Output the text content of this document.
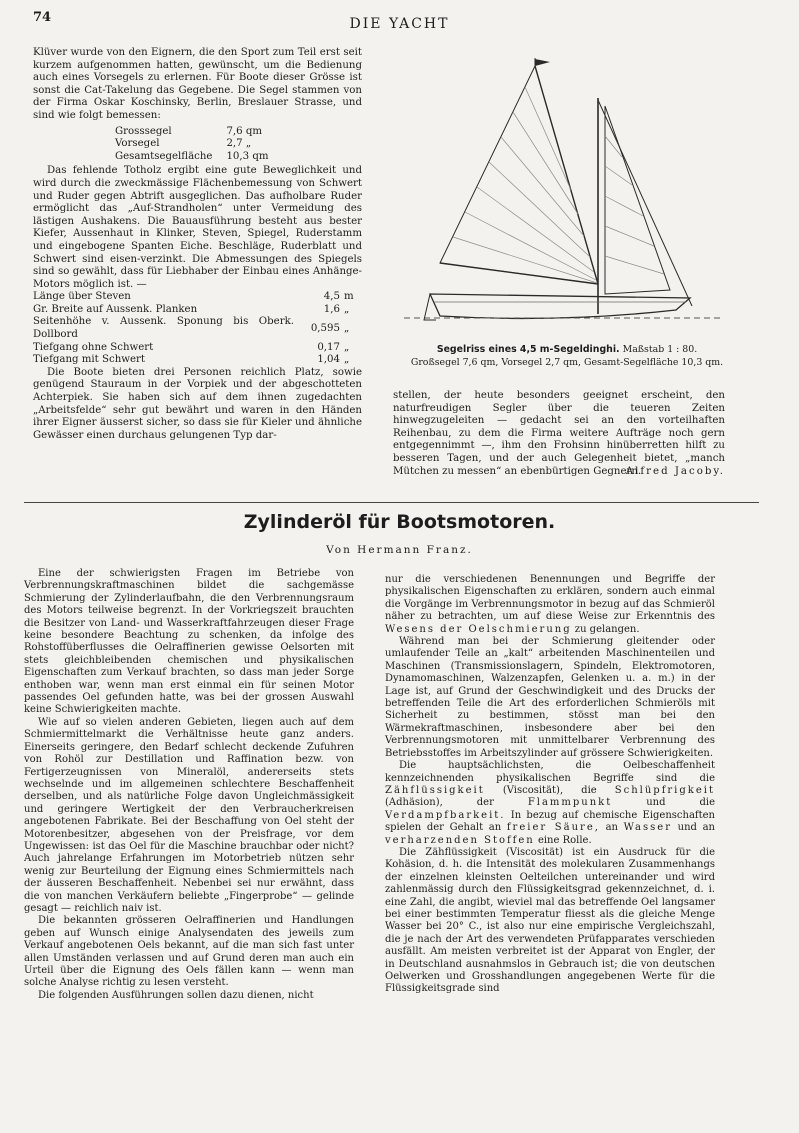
74	DIE YACHT

Klüver wurde von den Eignern, die den Sport zum Teil erst seit kurzem aufgenommen hatten, gewünscht, um die Bedienung auch eines Vorsegels zu erlernen. Für Boote dieser Grösse ist sonst die Cat-Takelung das Gegebene. Die Segel stammen von der Firma Oskar Koschinsky, Berlin, Breslauer Strasse, und sind wie folgt bemessen:

Grosssegel	7,6 qm
Vorsegel	2,7 „
Gesamtsegelfläche	10,3 qm

Das fehlende Totholz ergibt eine gute Beweglichkeit und wird durch die zweckmässige Flächenbemessung von Schwert und Ruder gegen Abtrift ausgeglichen. Das aufholbare Ruder ermöglicht das „Auf-Strandholen“ unter Vermeidung des lästigen Aushakens. Die Bauausführung besteht aus bester Kiefer, Aussenhaut in Klinker, Steven, Spiegel, Ruderstamm und eingebogene Spanten Eiche. Beschläge, Ruderblatt und Schwert sind eisen-verzinkt. Die Abmessungen des Spiegels sind so gewählt, dass für Liebhaber der Einbau eines Anhänge-Motors möglich ist. —

Länge über Steven	4,5	m
Gr. Breite auf Aussenk. Planken	1,6	„
Seitenhöhe v. Aussenk. Sponung bis Oberk. Dollbord	0,595	„
Tiefgang ohne Schwert	0,17	„
Tiefgang mit Schwert	1,04	„

Die Boote bieten drei Personen reichlich Platz, sowie genügend Stauraum in der Vorpiek und der abgeschotteten Achterpiek. Sie haben sich auf dem ihnen zugedachten „Arbeitsfelde“ sehr gut bewährt und waren in den Händen ihrer Eigner äusserst sicher, so dass sie für Kieler und ähnliche Gewässer einen durchaus gelungenen Typ dar-

Segelriss eines 4,5 m-Segeldinghi. Maßstab 1 : 80.
Großsegel 7,6 qm, Vorsegel 2,7 qm, Gesamt-Segelfläche 10,3 qm.

stellen, der heute besonders geeignet erscheint, den naturfreudigen Segler über die teueren Zeiten hinwegzugeleiten — gedacht sei an den vorteilhaften Reihenbau, zu dem die Firma weitere Aufträge noch gern entgegennimmt —, ihm den Frohsinn hinüberretten hilft zu besseren Tagen, und der auch Gelegenheit bietet, „manch Mütchen zu messen“ an ebenbürtigen Gegnern.

Alfred Jacoby.
Zylinderöl für Bootsmotoren.
Von Hermann Franz.

Eine der schwierigsten Fragen im Betriebe von Verbrennungskraftmaschinen bildet die sachgemässe Schmierung der Zylinderlaufbahn, die den Verbrennungsraum des Motors teilweise begrenzt. In der Vorkriegszeit brauchten die Besitzer von Land- und Wasserkraftfahrzeugen dieser Frage keine besondere Beachtung zu schenken, da infolge des Rohstoffüberflusses die Oelraffinerien gewisse Oelsorten mit stets gleichbleibenden chemischen und physikalischen Eigenschaften zum Verkauf brachten, so dass man jeder Sorge enthoben war, wenn man erst einmal ein für seinen Motor passendes Oel gefunden hatte, was bei der grossen Auswahl keine Schwierigkeiten machte.

Wie auf so vielen anderen Gebieten, liegen auch auf dem Schmiermittelmarkt die Verhältnisse heute ganz anders. Einerseits geringere, den Bedarf schlecht deckende Zufuhren von Rohöl zur Destillation und Raffination bezw. von Fertigerzeugnissen von Mineralöl, andererseits stets wechselnde und im allgemeinen schlechtere Beschaffenheit derselben, und als natürliche Folge davon Ungleichmässigkeit und geringere Wertigkeit der den Verbraucherkreisen angebotenen Fabrikate. Bei der Beschaffung von Oel steht der Motorenbesitzer, abgesehen von der Preisfrage, vor dem Ungewissen: ist das Oel für die Maschine brauchbar oder nicht? Auch jahrelange Erfahrungen im Motorbetrieb nützen sehr wenig zur Beurteilung der Eignung eines Schmiermittels nach der äusseren Beschaffenheit. Nebenbei sei nur erwähnt, dass die von manchen Verkäufern beliebte „Fingerprobe“ — gelinde gesagt — reichlich naiv ist.

Die bekannten grösseren Oelraffinerien und Handlungen geben auf Wunsch einige Analysendaten des jeweils zum Verkauf angebotenen Oels bekannt, auf die man sich fast unter allen Umständen verlassen und auf Grund deren man auch ein Urteil über die Eignung des Oels fällen kann — wenn man solche Analyse richtig zu lesen versteht.

Die folgenden Ausführungen sollen dazu dienen, nicht

nur die verschiedenen Benennungen und Begriffe der physikalischen Eigenschaften zu erklären, sondern auch einmal die Vorgänge im Verbrennungsmotor in bezug auf das Schmieröl näher zu betrachten, um auf diese Weise zur Erkenntnis des Wesens der Oelschmierung zu gelangen.

Während man bei der Schmierung gleitender oder umlaufender Teile an „kalt“ arbeitenden Maschinenteilen und Maschinen (Transmissionslagern, Spindeln, Elektromotoren, Dynamomaschinen, Walzenzapfen, Gelenken u. a. m.) in der Lage ist, auf Grund der Geschwindigkeit und des Drucks der betreffenden Teile die Art des erforderlichen Schmieröls mit Sicherheit zu bestimmen, stösst man bei den Wärmekraftmaschinen, insbesondere aber bei den Verbrennungsmotoren mit unmittelbarer Verbrennung des Betriebsstoffes im Arbeitszylinder auf grössere Schwierigkeiten.

Die hauptsächlichsten, die Oelbeschaffenheit kennzeichnenden physikalischen Begriffe sind die Zähflüssigkeit (Viscosität), die Schlüpfrigkeit (Adhäsion), der	Flammpunkt	und die Verdampfbarkeit. In bezug auf chemische Eigenschaften spielen der Gehalt an freier Säure, an Wasser und an verharzenden Stoffen eine Rolle.

Die Zähflüssigkeit (Viscosität) ist ein Ausdruck für die Kohäsion, d. h. die Intensität des molekularen Zusammenhangs der einzelnen kleinsten Oelteilchen untereinander und wird zahlenmässig durch den Flüssigkeitsgrad gekennzeichnet, d. i. eine Zahl, die angibt, wieviel mal das betreffende Oel langsamer bei einer bestimmten Temperatur fliesst als die gleiche Menge Wasser bei 20° C., ist also nur eine empirische Vergleichszahl, die je nach der Art des verwendeten Prüfapparates verschieden ausfällt. Am meisten verbreitet ist der Apparat von Engler, der in Deutschland ausnahmslos in Gebrauch ist; die von deutschen Oelwerken und Grosshandlungen angegebenen Werte für die Flüssigkeitsgrade sind
